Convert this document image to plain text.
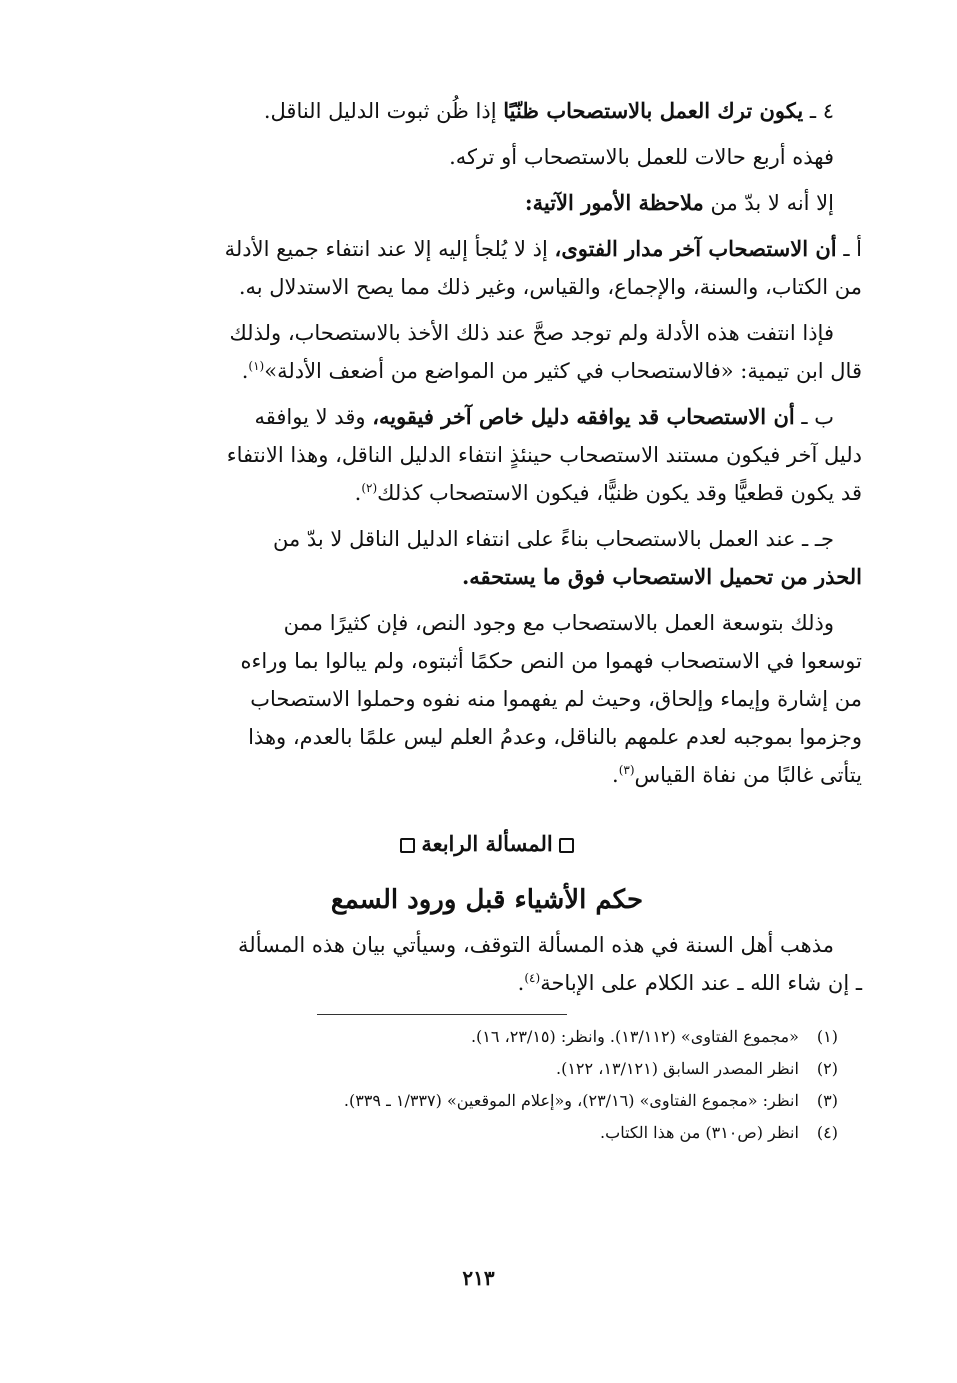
٤ ـ يكون ترك العمل بالاستصحاب ظنّيًا إذا ظُن ثبوت الدليل الناقل.

فهذه أربع حالات للعمل بالاستصحاب أو تركه.

إلا أنه لا بدّ من ملاحظة الأمور الآتية:

أ ـ أن الاستصحاب آخر مدار الفتوى، إذ لا يُلجأ إليه إلا عند انتفاء جميع الأدلة

من الكتاب، والسنة، والإجماع، والقياس، وغير ذلك مما يصح الاستدلال به.

فإذا انتفت هذه الأدلة ولم توجد صحَّ عند ذلك الأخذ بالاستصحاب، ولذلك

قال ابن تيمية: «فالاستصحاب في كثير من المواضع من أضعف الأدلة»$^{(١)}$.

ب ـ أن الاستصحاب قد يوافقه دليل خاص آخر فيقويه، وقد لا يوافقه

دليل آخر فيكون مستند الاستصحاب حينئذٍ انتفاء الدليل الناقل، وهذا الانتفاء

قد يكون قطعيًّا وقد يكون ظنيًّا، فيكون الاستصحاب كذلك$^{(٢)}$.

جـ ـ عند العمل بالاستصحاب بناءً على انتفاء الدليل الناقل لا بدّ من

الحذر من تحميل الاستصحاب فوق ما يستحقه.

وذلك بتوسعة العمل بالاستصحاب مع وجود النص، فإن كثيرًا ممن

توسعوا في الاستصحاب فهموا من النص حكمًا أثبتوه، ولم يبالوا بما وراءه

من إشارة وإيماء وإلحاق، وحيث لم يفهموا منه نفوه وحملوا الاستصحاب

وجزموا بموجبه لعدم علمهم بالناقل، وعدمُ العلم ليس علمًا بالعدم، وهذا

يتأتى غالبًا من نفاة القياس$^{(٣)}$.

المسألة الرابعة
حكم الأشياء قبل ورود السمع

مذهب أهل السنة في هذه المسألة التوقف، وسيأتي بيان هذه المسألة

ـ إن شاء الله ـ عند الكلام على الإباحة$^{(٤)}$.

(١) «مجموع الفتاوى» (١٣/١١٢). وانظر: (٢٣/١٥، ١٦).

(٢) انظر المصدر السابق (١٣/١٢١، ١٢٢).

(٣) انظر: «مجموع الفتاوى» (٢٣/١٦)، و«إعلام الموقعين» (١/٣٣٧ ـ ٣٣٩).

(٤) انظر (ص٣١٠) من هذا الكتاب.

٢١٣
